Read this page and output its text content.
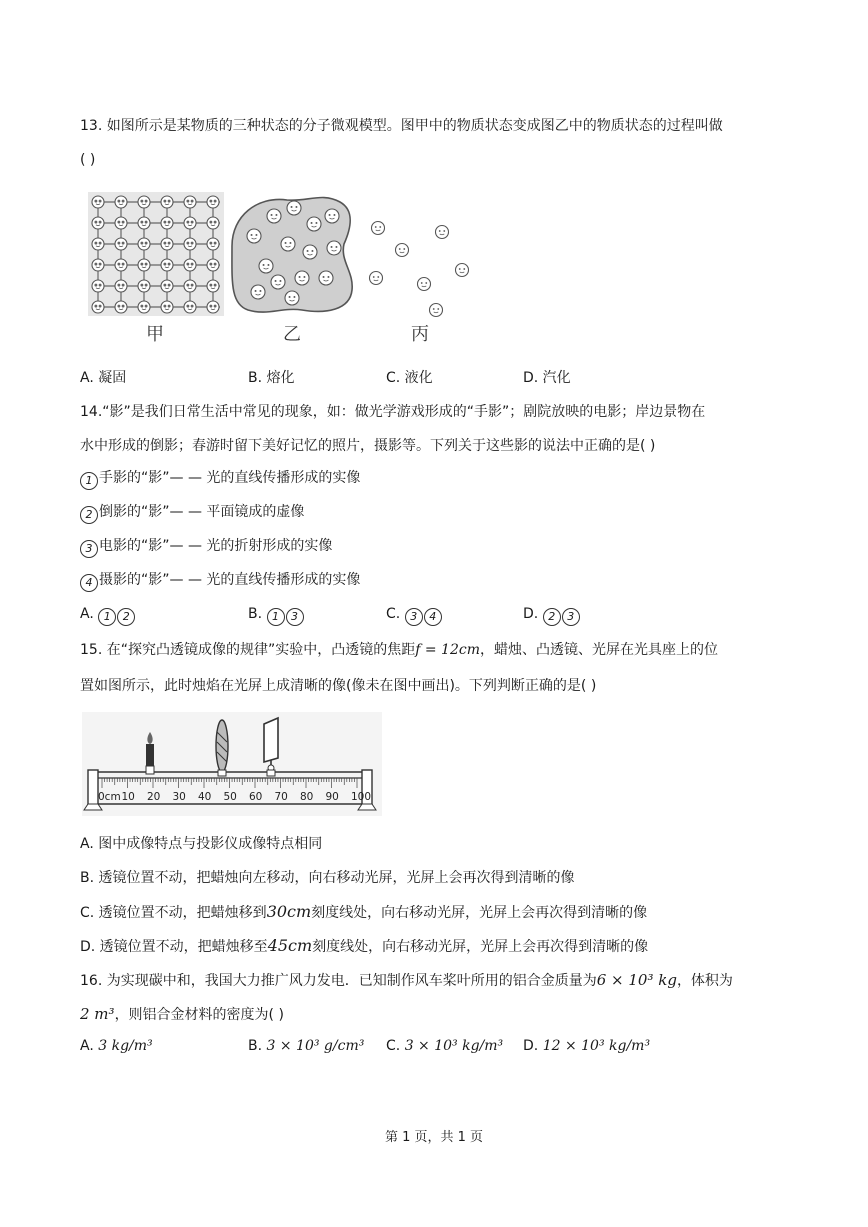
13. 如图所示是某物质的三种状态的分子微观模型。图甲中的物质状态变成图乙中的物质状态的过程叫做
( )
甲	乙	丙
A. 凝固	B. 熔化	C. 液化	D. 汽化
14.“影”是我们日常生活中常见的现象，如：做光学游戏形成的“手影”；剧院放映的电影；岸边景物在
水中形成的倒影；春游时留下美好记忆的照片，摄影等。下列关于这些影的说法中正确的是( )
1 手影的“影”— — 光的直线传播形成的实像
2 倒影的“影”— — 平面镜成的虚像
3 电影的“影”— — 光的折射形成的实像
4 摄影的“影”— — 光的直线传播形成的实像
A. 1 2	B. 1 3	C. 3 4	D. 2 3
15. 在“探究凸透镜成像的规律”实验中，凸透镜的焦距f = 12cm，蜡烛、凸透镜、光屏在光具座上的位
置如图所示，此时烛焰在光屏上成清晰的像(像未在图中画出)。下列判断正确的是( )
0cm 10 20 30 40 50 60 70 80 90 100
A. 图中成像特点与投影仪成像特点相同
B. 透镜位置不动，把蜡烛向左移动，向右移动光屏，光屏上会再次得到清晰的像
C. 透镜位置不动，把蜡烛移到30cm刻度线处，向右移动光屏，光屏上会再次得到清晰的像
D. 透镜位置不动，把蜡烛移至45cm刻度线处，向右移动光屏，光屏上会再次得到清晰的像
16. 为实现碳中和，我国大力推广风力发电．已知制作风车桨叶所用的铝合金质量为6 × 10³ kg，体积为
2 m³，则铝合金材料的密度为( )
A. 3 kg/m³	B. 3 × 10³ g/cm³ C. 3 × 10³ kg/m³ D. 12 × 10³ kg/m³
第 1 页，共 1 页
